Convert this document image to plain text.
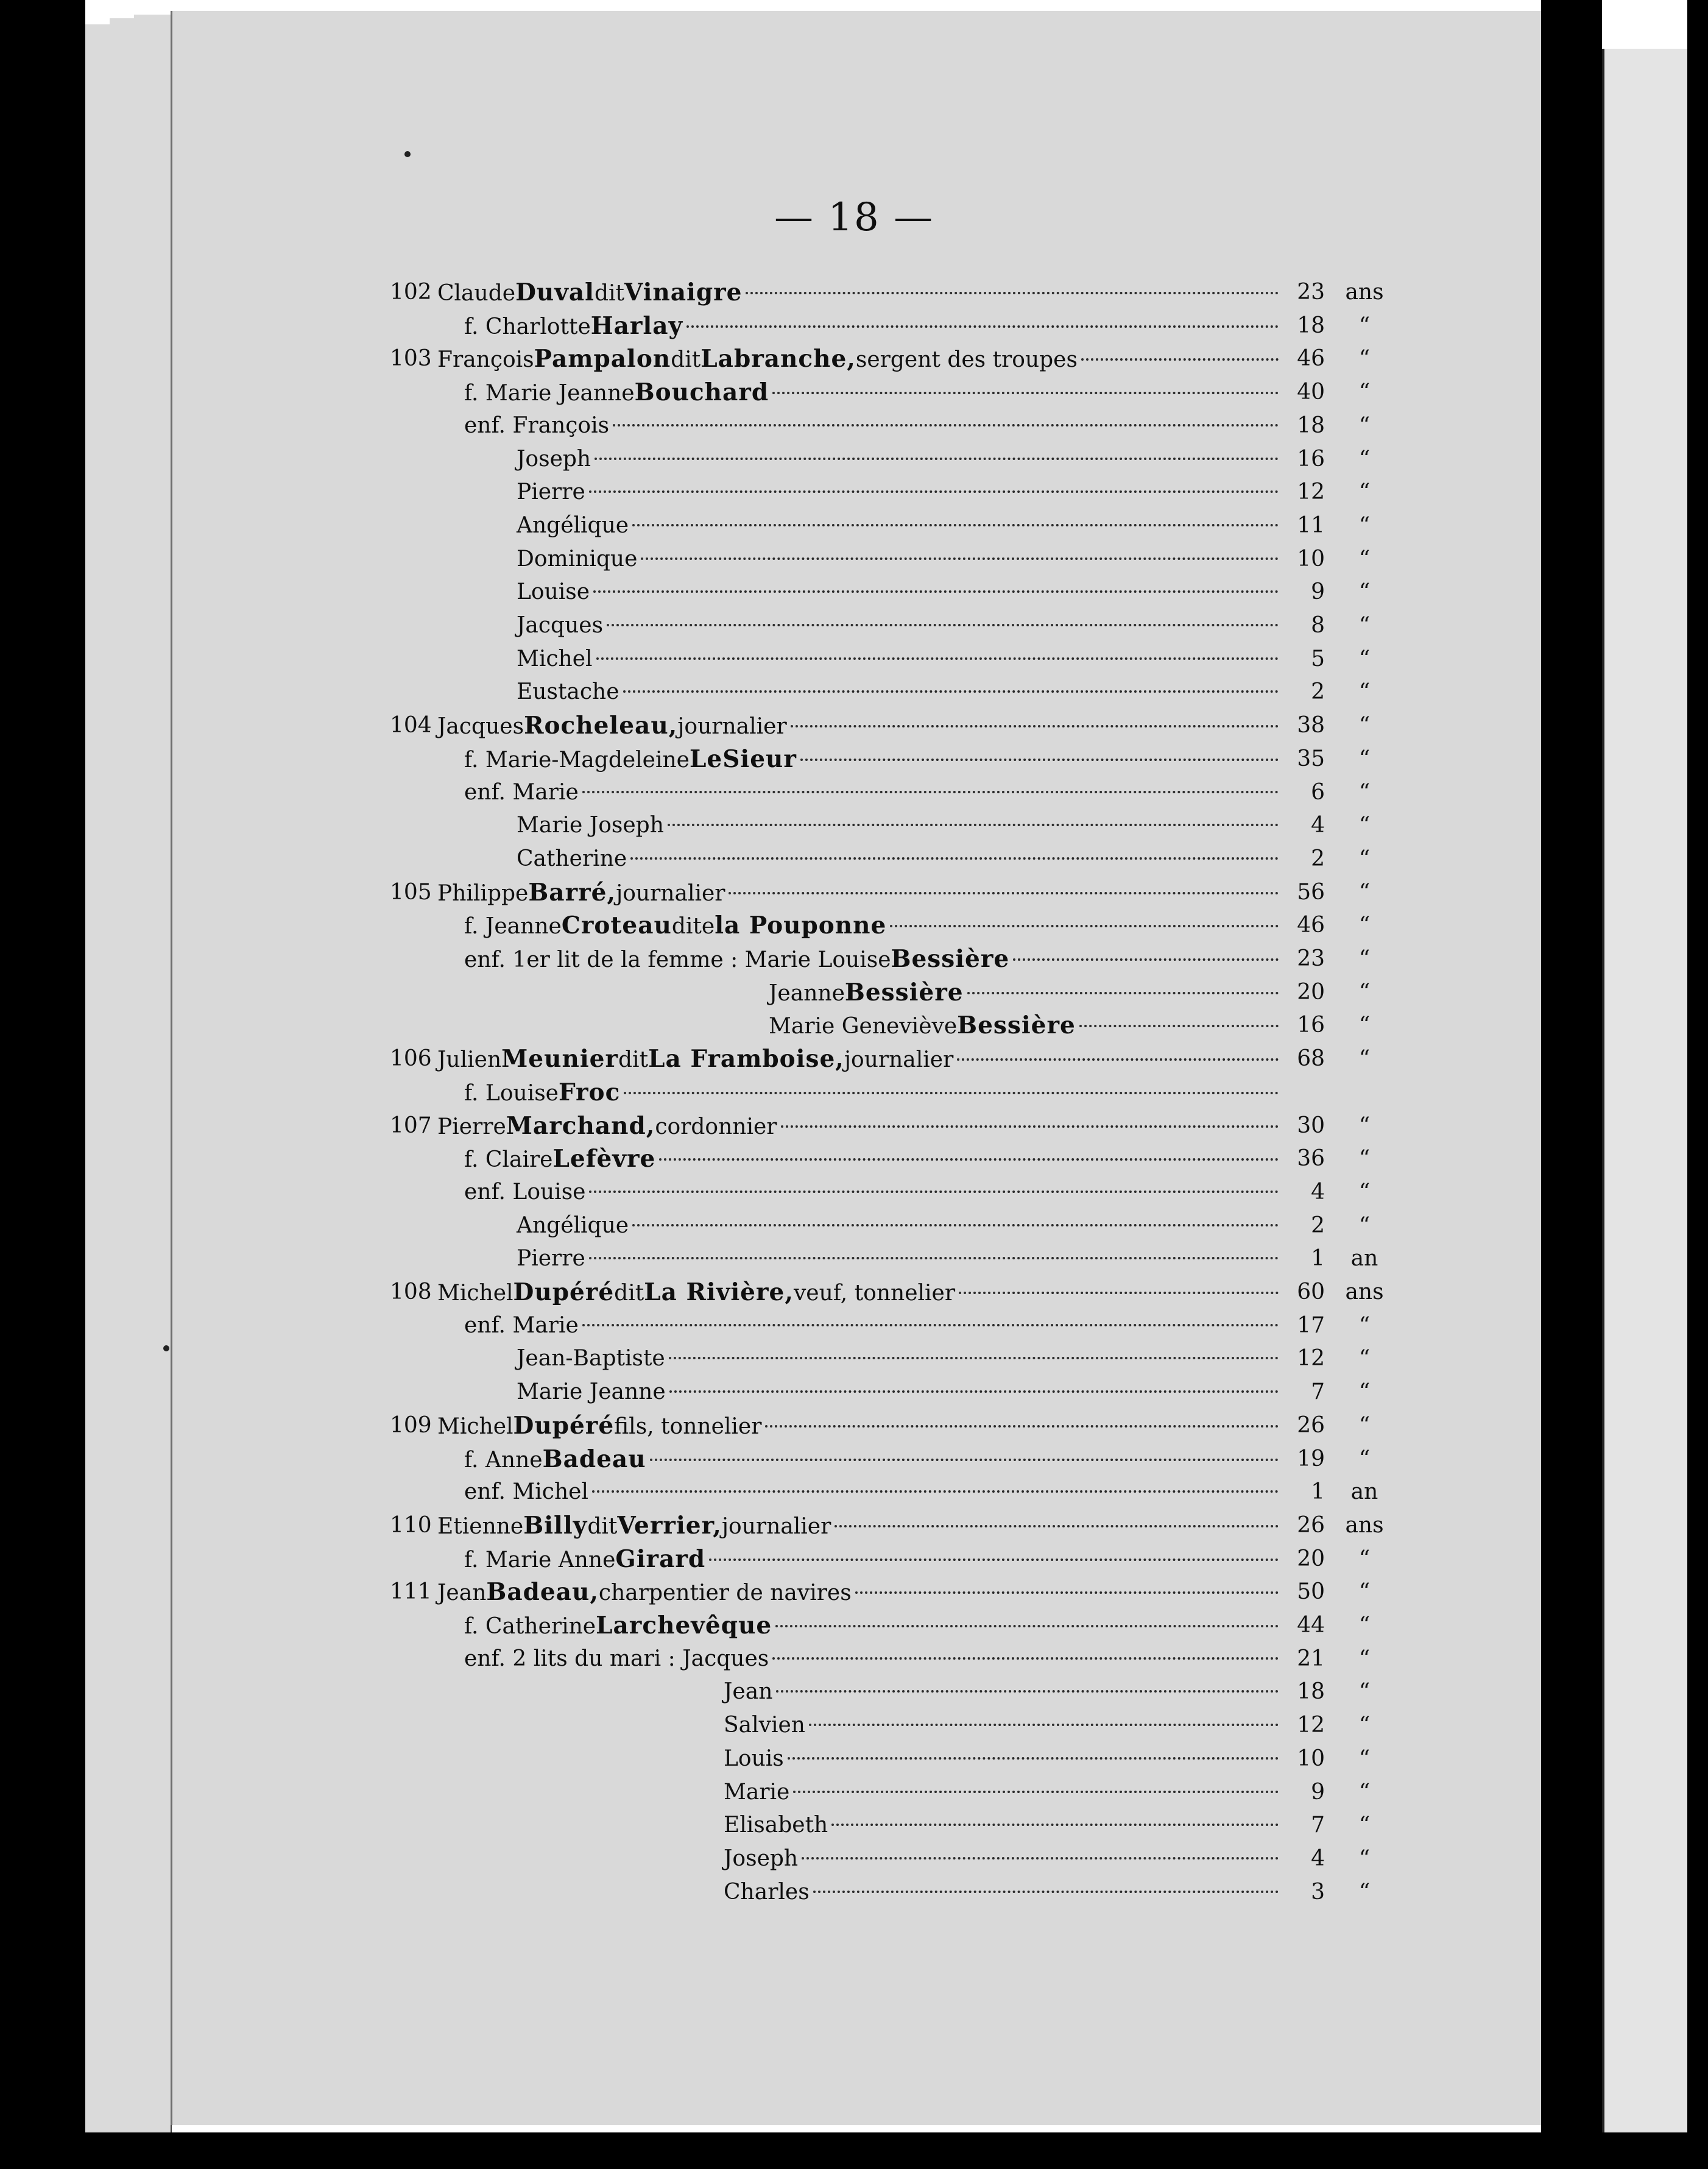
— 18 —
102 Claude Duval dit Vinaigre	23 ans
f. Charlotte Harlay	18	“
103 François Pampalon dit Labranche, sergent des troupes	46	“
f. Marie Jeanne Bouchard	40	“
enf. François	18	“
Joseph	16	“
Pierre	12	“
Angélique	11	“
Dominique	10	“
Louise	9	“
Jacques	8	“
Michel	5	“
Eustache	2	“
104 Jacques Rocheleau, journalier	38	“
f. Marie-Magdeleine LeSieur	35	“
enf. Marie	6	“
Marie Joseph	4	“
Catherine	2	“
105 Philippe Barré, journalier	56	“
f. Jeanne Croteau dite la Pouponne	46	“
enf. 1er lit de la femme : Marie Louise Bessière	23	“
Jeanne Bessière	20	“
Marie Geneviève Bessière	16	“
106 Julien Meunier dit La Framboise, journalier	68	“
f. Louise Froc
107 Pierre Marchand, cordonnier	30	“
f. Claire Lefèvre	36	“
enf. Louise	4	“
Angélique	2	“
Pierre	1	an
108 Michel Dupéré dit La Rivière, veuf, tonnelier	60 ans
enf. Marie	17	“
Jean-Baptiste	12	“
Marie Jeanne	7	“
109 Michel Dupéré fils, tonnelier	26	“
f. Anne Badeau	19	“
enf. Michel	1	an
110 Etienne Billy dit Verrier, journalier	26 ans
f. Marie Anne Girard	20	“
111 Jean Badeau, charpentier de navires	50	“
f. Catherine Larchevêque	44	“
enf. 2 lits du mari : Jacques	21	“
Jean	18	“
Salvien	12	“
Louis	10	“
Marie	9	“
Elisabeth	7	“
Joseph	4	“
Charles	3	“
